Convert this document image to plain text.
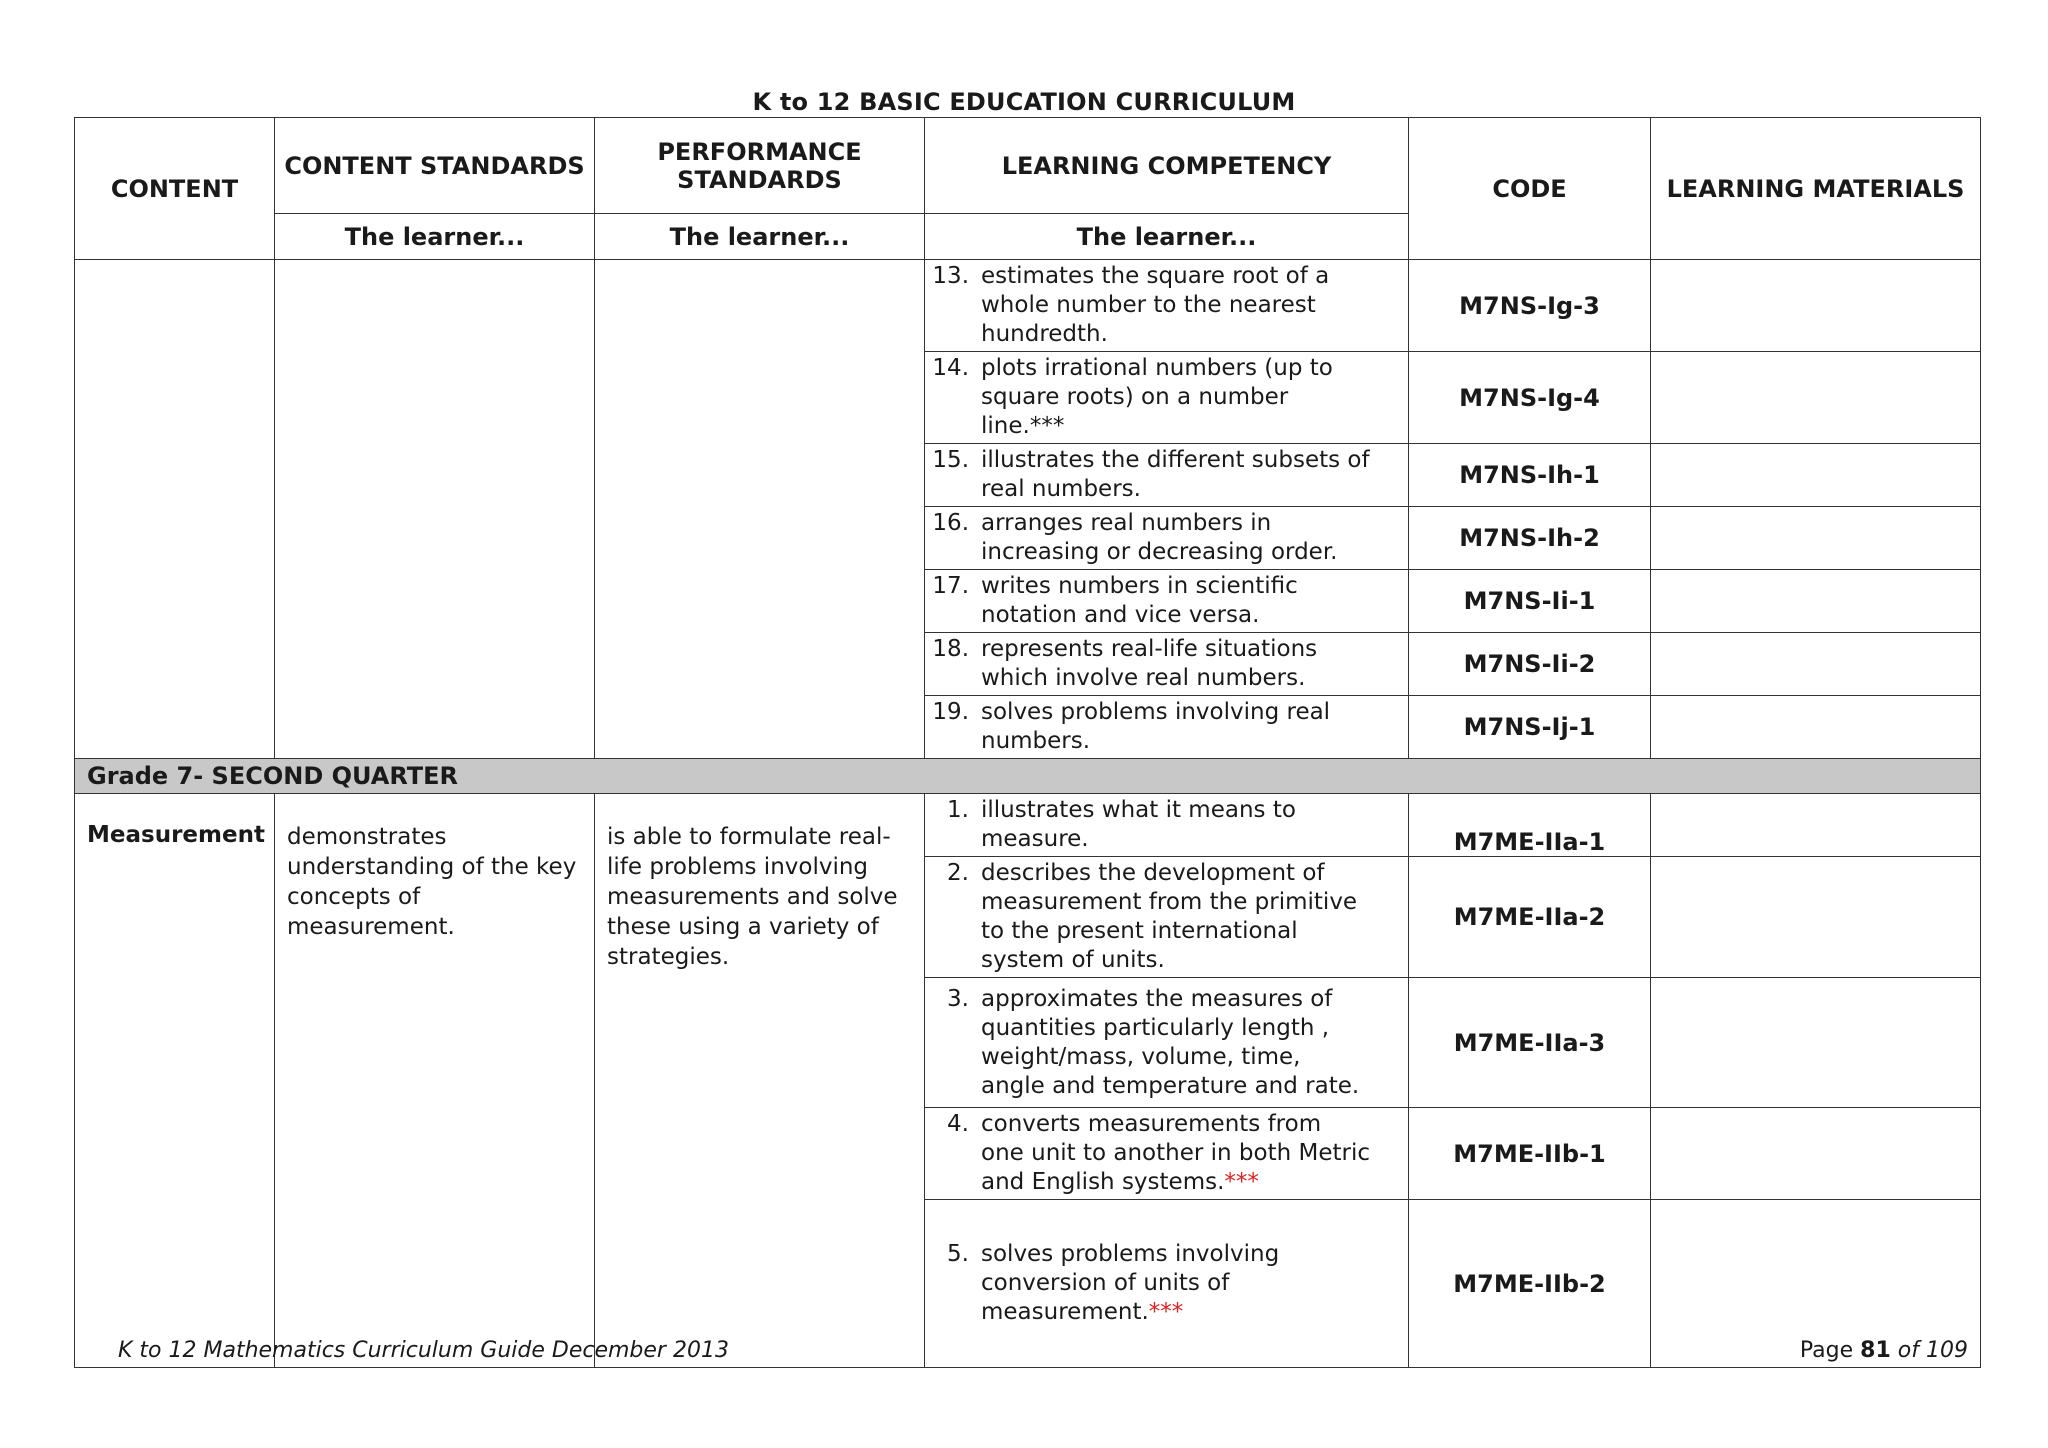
K to 12 BASIC EDUCATION CURRICULUM
CONTENT	CONTENT STANDARDS	PERFORMANCE STANDARDS	LEARNING COMPETENCY	CODE	LEARNING MATERIALS
	The learner...	The learner...	The learner...		
			13. estimates the square root of a whole number to the nearest hundredth.	M7NS-Ig-3	
			14. plots irrational numbers (up to square roots) on a number line.***	M7NS-Ig-4	
			15. illustrates the different subsets of real numbers.	M7NS-Ih-1	
			16. arranges real numbers in increasing or decreasing order.	M7NS-Ih-2	
			17. writes numbers in scientific notation and vice versa.	M7NS-Ii-1	
			18. represents real-life situations which involve real numbers.	M7NS-Ii-2	
			19. solves problems involving real numbers.	M7NS-Ij-1	
Grade 7- SECOND QUARTER					
Measurement	demonstrates understanding of the key concepts of measurement.	is able to formulate real-life problems involving measurements and solve these using a variety of strategies.	1. illustrates what it means to measure.	M7ME-IIa-1	
			2. describes the development of measurement from the primitive to the present international system of units.	M7ME-IIa-2	
			3. approximates the measures of quantities particularly length , weight/mass, volume, time, angle and temperature and rate.	M7ME-IIa-3	
			4. converts measurements from one unit to another in both Metric and English systems.***	M7ME-IIb-1	
			5. solves problems involving conversion of units of measurement.***	M7ME-IIb-2	
K to 12 Mathematics Curriculum Guide December 2013	Page 81 of 109
